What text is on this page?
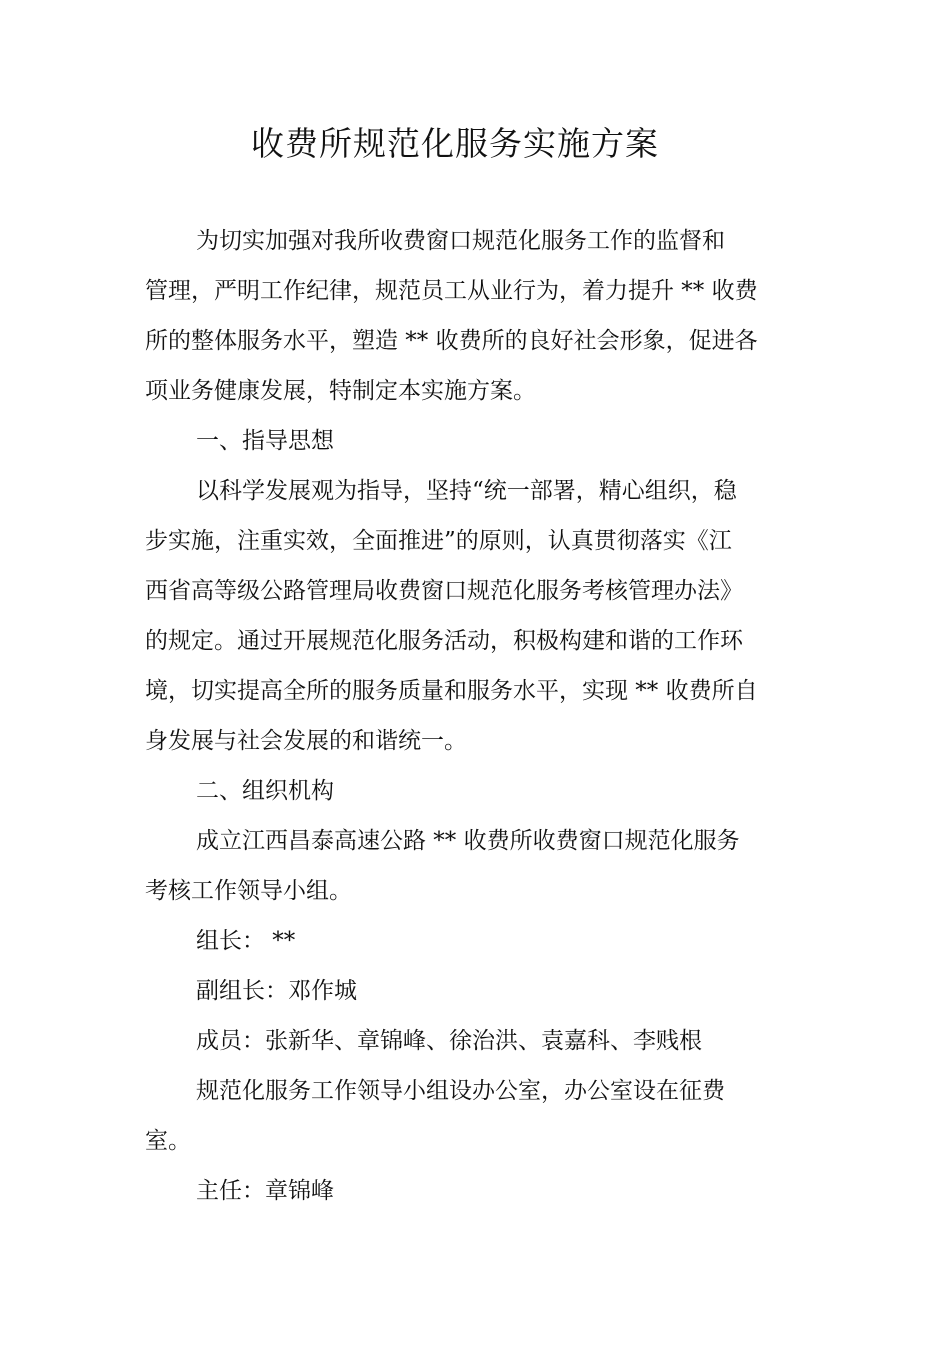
收费所规范化服务实施方案

为切实加强对我所收费窗口规范化服务工作的监督和

管理，严明工作纪律，规范员工从业行为，着力提升 ** 收费

所的整体服务水平，塑造 ** 收费所的良好社会形象，促进各

项业务健康发展，特制定本实施方案。

一、指导思想

以科学发展观为指导，坚持“统一部署，精心组织，稳

步实施，注重实效，全面推进”的原则，认真贯彻落实《江

西省高等级公路管理局收费窗口规范化服务考核管理办法》

的规定。通过开展规范化服务活动，积极构建和谐的工作环

境，切实提高全所的服务质量和服务水平，实现 ** 收费所自

身发展与社会发展的和谐统一。

二、组织机构

成立江西昌泰高速公路 ** 收费所收费窗口规范化服务

考核工作领导小组。

组长： **

副组长：邓作城

成员：张新华、章锦峰、徐治洪、袁嘉科、李贱根

规范化服务工作领导小组设办公室，办公室设在征费

室。

主任：章锦峰
